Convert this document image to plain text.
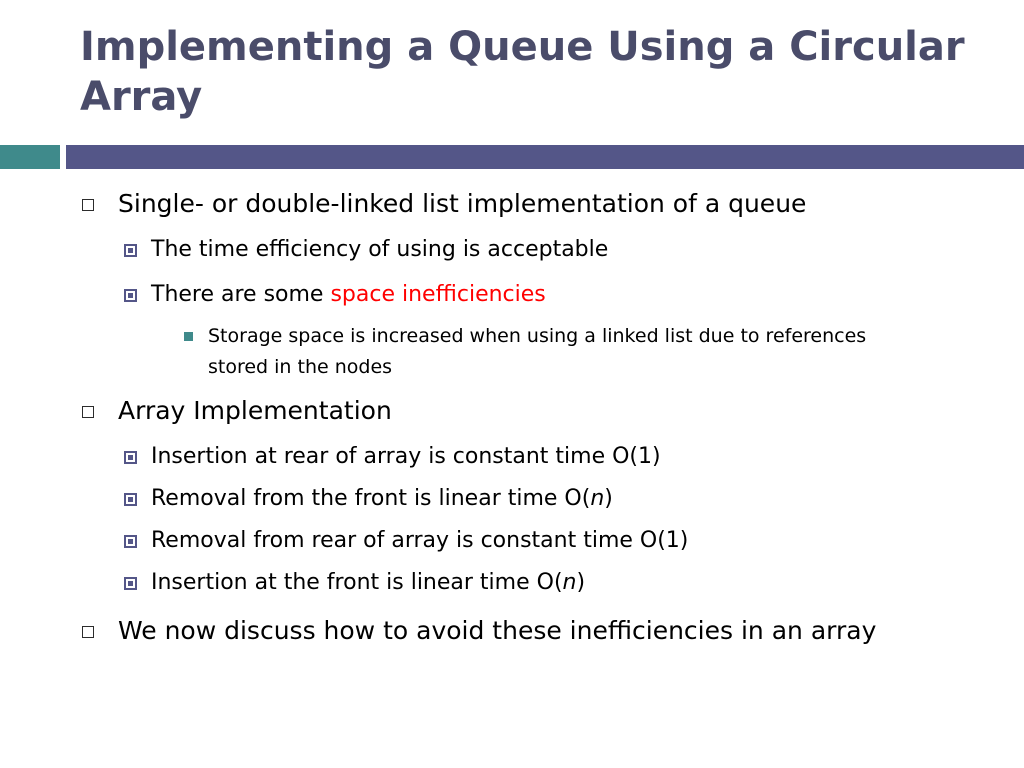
Implementing a Queue Using a Circular Array
Single- or double-linked list implementation of a queue
The time efficiency of using is acceptable
There are some space inefficiencies
Storage space is increased when using a linked list due to references stored in the nodes
Array Implementation
Insertion at rear of array is constant time O(1)
Removal from the front is linear time O(n)
Removal from rear of array is constant time O(1)
Insertion at the front is linear time O(n)
We now discuss how to avoid these inefficiencies in an array
